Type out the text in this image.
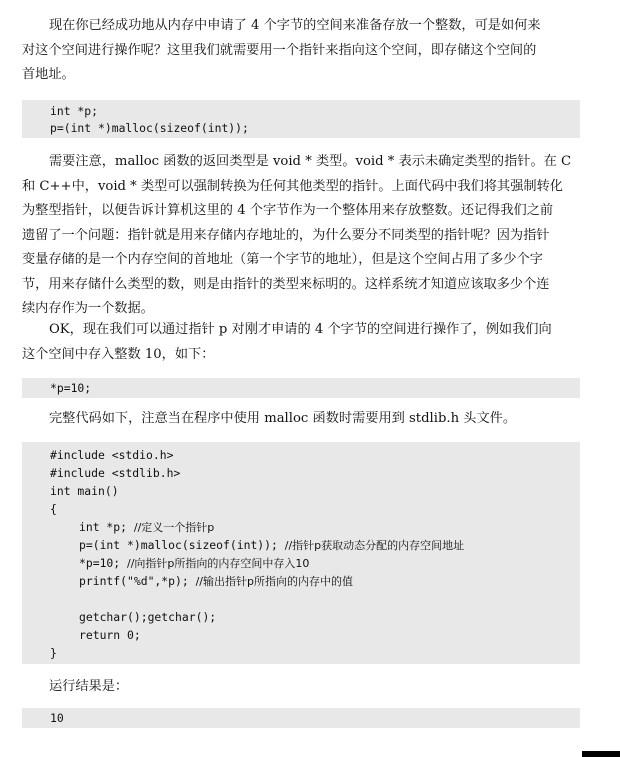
现在你已经成功地从内存中申请了 4 个字节的空间来准备存放一个整数，可是如何来
对这个空间进行操作呢？这里我们就需要用一个指针来指向这个空间，即存储这个空间的
首地址。
int *p;
p=(int *)malloc(sizeof(int));
需要注意，malloc 函数的返回类型是 void * 类型。void * 表示未确定类型的指针。在 C
和 C++中，void * 类型可以强制转换为任何其他类型的指针。上面代码中我们将其强制转化
为整型指针，以便告诉计算机这里的 4 个字节作为一个整体用来存放整数。还记得我们之前
遗留了一个问题：指针就是用来存储内存地址的，为什么要分不同类型的指针呢？因为指针
变量存储的是一个内存空间的首地址（第一个字节的地址），但是这个空间占用了多少个字
节，用来存储什么类型的数，则是由指针的类型来标明的。这样系统才知道应该取多少个连
续内存作为一个数据。
OK，现在我们可以通过指针 p 对刚才申请的 4 个字节的空间进行操作了，例如我们向
这个空间中存入整数 10，如下：
*p=10;
完整代码如下，注意当在程序中使用 malloc 函数时需要用到 stdlib.h 头文件。
#include <stdio.h>
#include <stdlib.h>
int main()
{
int *p; //定义一个指针p
p=(int *)malloc(sizeof(int)); //指针p获取动态分配的内存空间地址
*p=10; //向指针p所指向的内存空间中存入10
printf("%d",*p); //输出指针p所指向的内存中的值
getchar();getchar();
return 0;
}
运行结果是：
10
